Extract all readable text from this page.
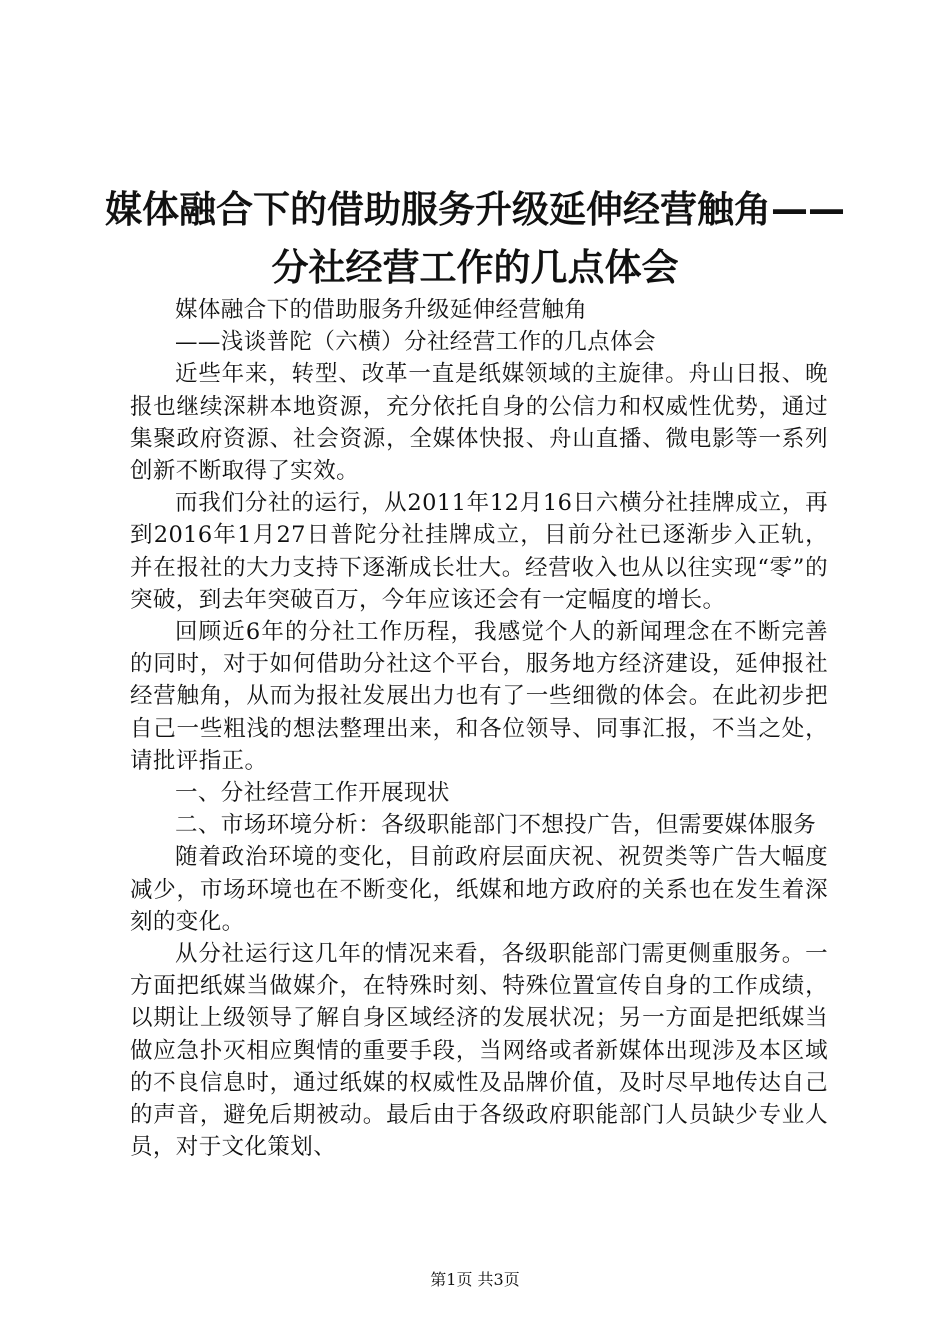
媒体融合下的借助服务升级延伸经营触角——
分社经营工作的几点体会

媒体融合下的借助服务升级延伸经营触角

——浅谈普陀（六横）分社经营工作的几点体会

近些年来，转型、改革一直是纸媒领域的主旋律。舟山日报、晚报也继续深耕本地资源，充分依托自身的公信力和权威性优势，通过集聚政府资源、社会资源，全媒体快报、舟山直播、微电影等一系列创新不断取得了实效。

而我们分社的运行，从2011年12月16日六横分社挂牌成立，再到2016年1月27日普陀分社挂牌成立，目前分社已逐渐步入正轨，并在报社的大力支持下逐渐成长壮大。经营收入也从以往实现“零”的突破，到去年突破百万，今年应该还会有一定幅度的增长。

回顾近6年的分社工作历程，我感觉个人的新闻理念在不断完善的同时，对于如何借助分社这个平台，服务地方经济建设，延伸报社经营触角，从而为报社发展出力也有了一些细微的体会。在此初步把自己一些粗浅的想法整理出来，和各位领导、同事汇报，不当之处，请批评指正。

一、分社经营工作开展现状

二、市场环境分析：各级职能部门不想投广告，但需要媒体服务

随着政治环境的变化，目前政府层面庆祝、祝贺类等广告大幅度减少，市场环境也在不断变化，纸媒和地方政府的关系也在发生着深刻的变化。

从分社运行这几年的情况来看，各级职能部门需更侧重服务。一方面把纸媒当做媒介，在特殊时刻、特殊位置宣传自身的工作成绩，以期让上级领导了解自身区域经济的发展状况；另一方面是把纸媒当做应急扑灭相应舆情的重要手段，当网络或者新媒体出现涉及本区域的不良信息时，通过纸媒的权威性及品牌价值，及时尽早地传达自己的声音，避免后期被动。最后由于各级政府职能部门人员缺少专业人员，对于文化策划、

第1页 共3页
